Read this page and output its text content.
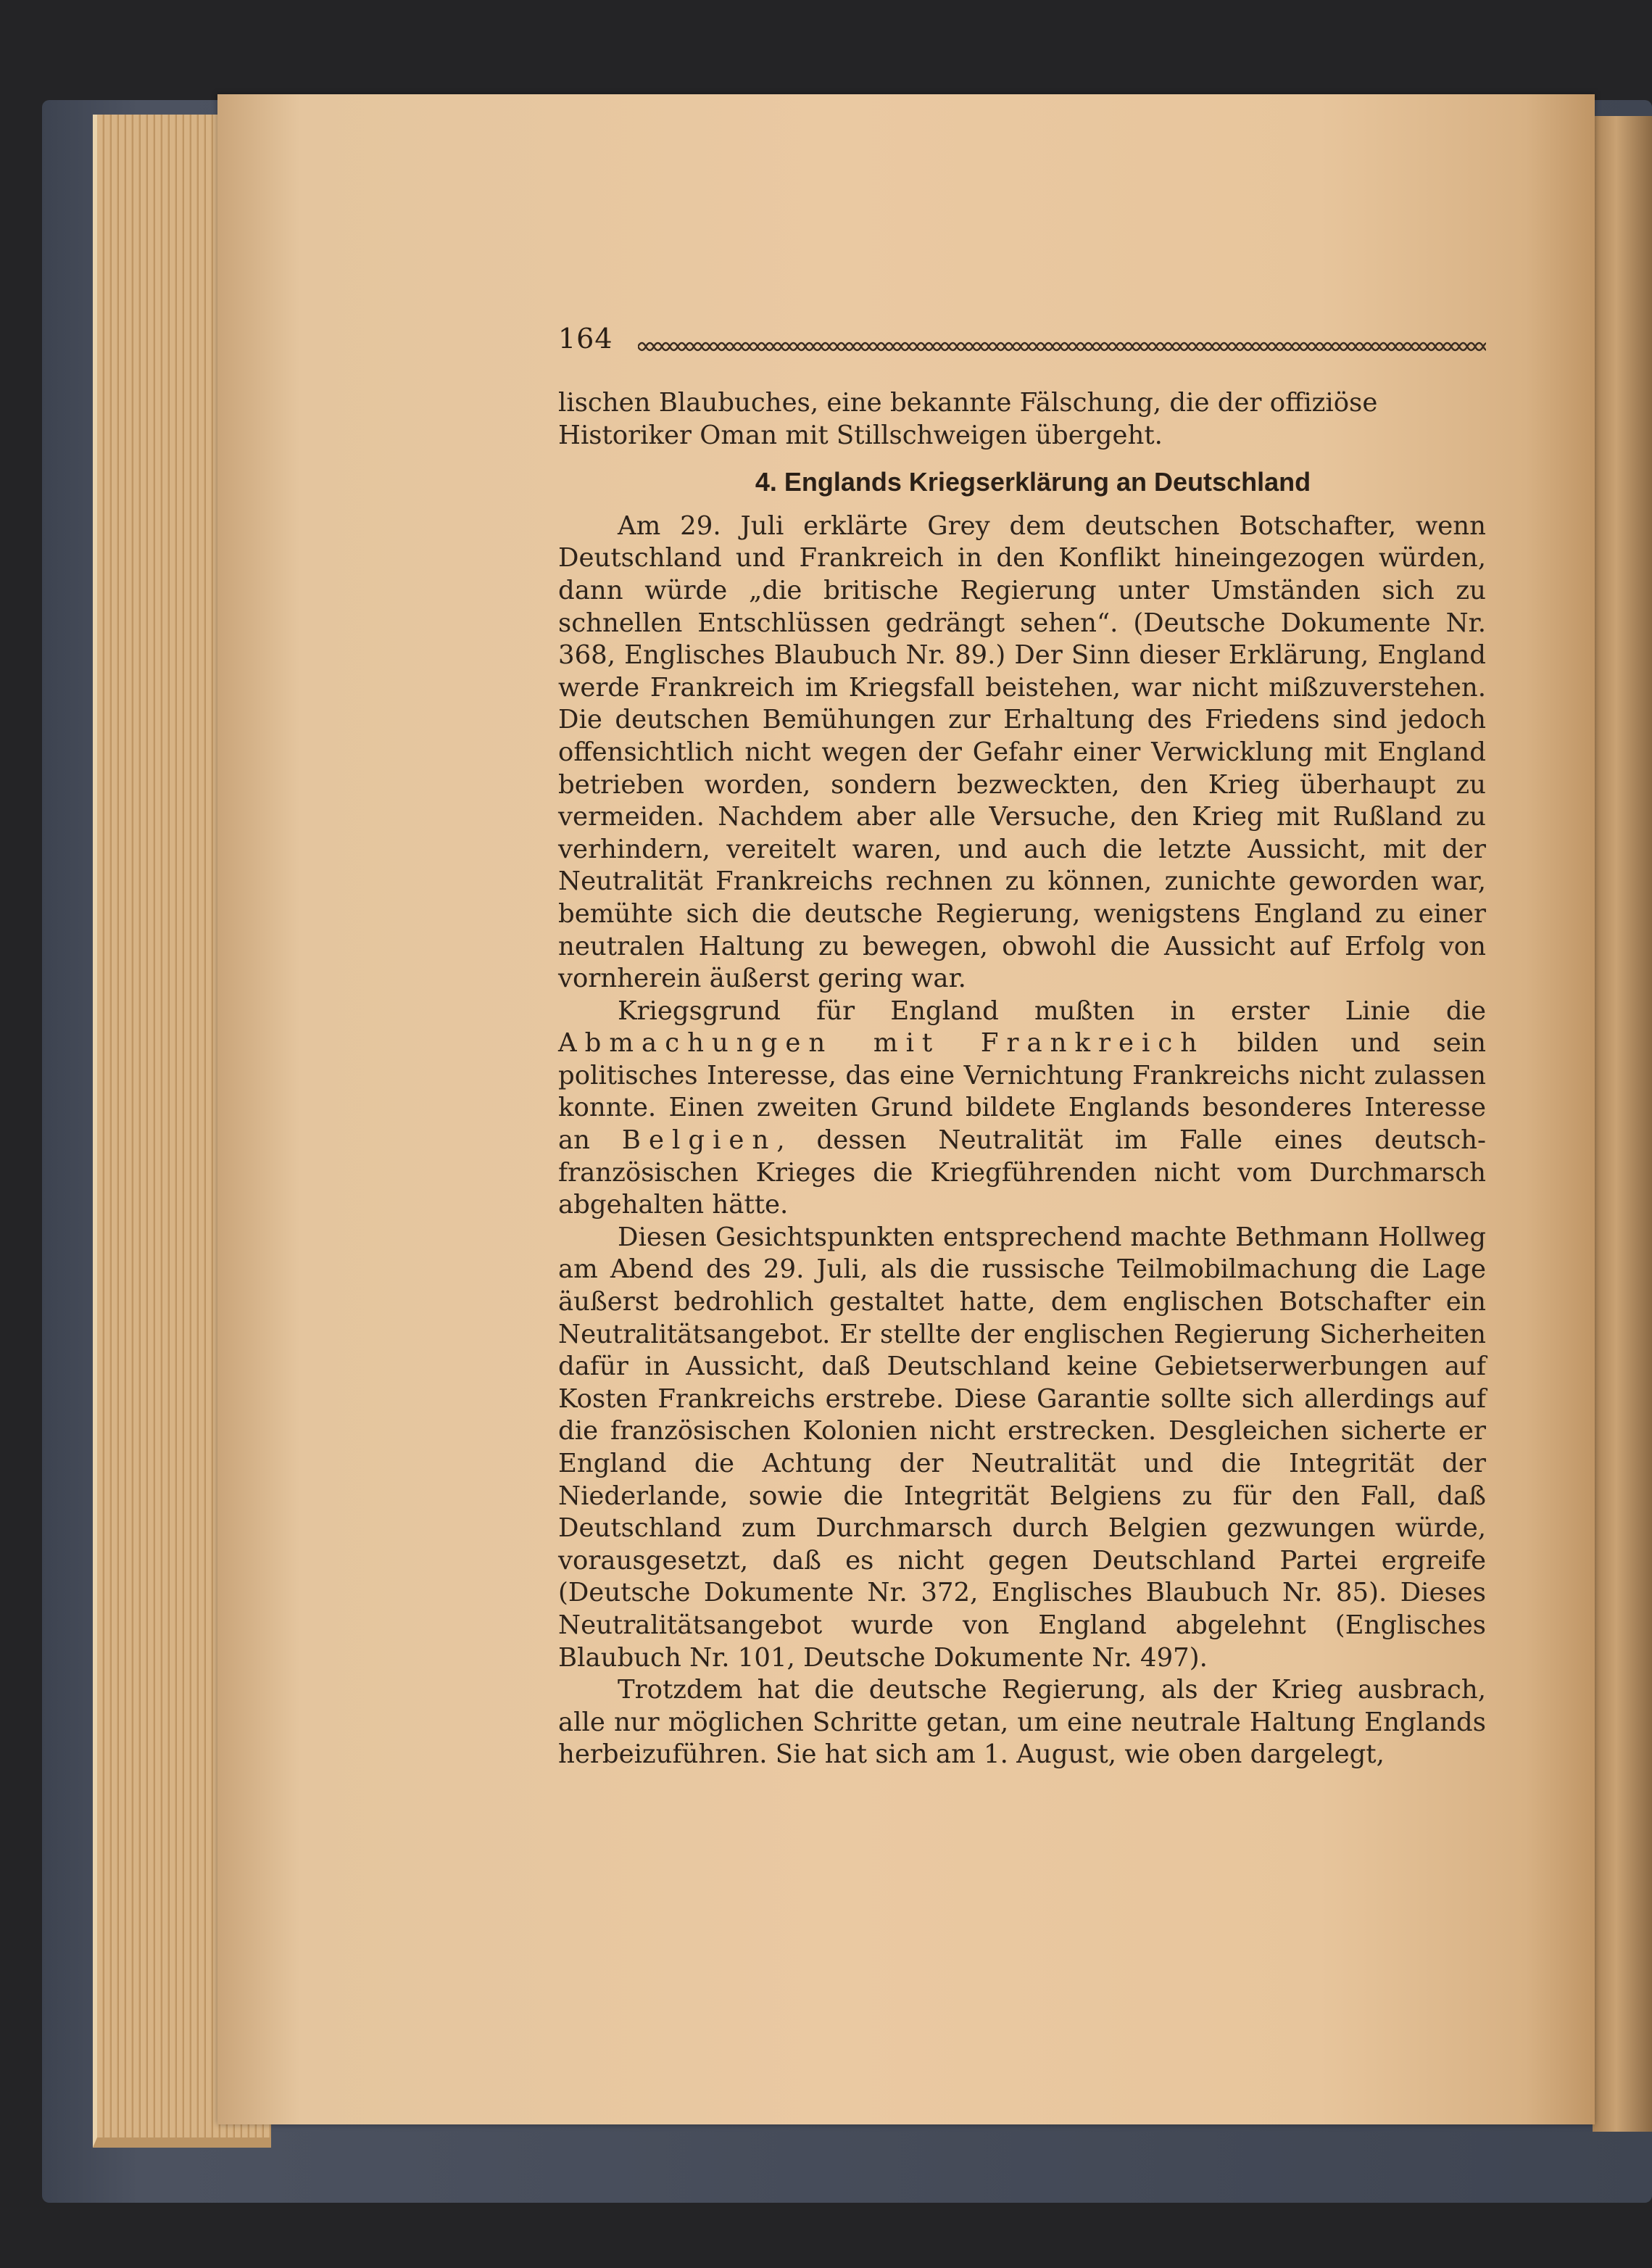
164

lischen Blaubuches, eine bekannte Fälschung, die der offiziöse

Historiker Oman mit Stillschweigen übergeht.

4. Englands Kriegserklärung an Deutschland

Am 29. Juli erklärte Grey dem deutschen Botschafter, wenn Deutschland und Frankreich in den Konflikt hineingezogen würden, dann würde „die britische Regierung unter Umständen sich zu schnellen Entschlüssen gedrängt sehen“. (Deutsche Dokumente Nr. 368, Englisches Blaubuch Nr. 89.) Der Sinn dieser Erklärung, England werde Frankreich im Kriegsfall beistehen, war nicht mißzuverstehen. Die deutschen Bemühungen zur Erhaltung des Friedens sind jedoch offensichtlich nicht wegen der Gefahr einer Verwicklung mit England betrieben worden, sondern bezweckten, den Krieg überhaupt zu vermeiden. Nachdem aber alle Versuche, den Krieg mit Rußland zu verhindern, vereitelt waren, und auch die letzte Aussicht, mit der Neutralität Frankreichs rechnen zu können, zunichte geworden war, bemühte sich die deutsche Regierung, wenigstens England zu einer neutralen Haltung zu bewegen, obwohl die Aussicht auf Erfolg von vornherein äußerst gering war.

Kriegsgrund für England mußten in erster Linie die Abmachungen mit Frankreich bilden und sein politisches Interesse, das eine Vernichtung Frankreichs nicht zulassen konnte. Einen zweiten Grund bildete Englands besonderes Interesse an Belgien, dessen Neutralität im Falle eines deutsch-französischen Krieges die Kriegführenden nicht vom Durchmarsch abgehalten hätte.

Diesen Gesichtspunkten entsprechend machte Bethmann Hollweg am Abend des 29. Juli, als die russische Teilmobilmachung die Lage äußerst bedrohlich gestaltet hatte, dem englischen Botschafter ein Neutralitätsangebot. Er stellte der englischen Regierung Sicherheiten dafür in Aussicht, daß Deutschland keine Gebietserwerbungen auf Kosten Frankreichs erstrebe. Diese Garantie sollte sich allerdings auf die französischen Kolonien nicht erstrecken. Desgleichen sicherte er England die Achtung der Neutralität und die Integrität der Niederlande, sowie die Integrität Belgiens zu für den Fall, daß Deutschland zum Durchmarsch durch Belgien gezwungen würde, vorausgesetzt, daß es nicht gegen Deutschland Partei ergreife (Deutsche Dokumente Nr. 372, Englisches Blaubuch Nr. 85). Dieses Neutralitätsangebot wurde von England abgelehnt (Englisches Blaubuch Nr. 101, Deutsche Dokumente Nr. 497).

Trotzdem hat die deutsche Regierung, als der Krieg ausbrach, alle nur möglichen Schritte getan, um eine neutrale Haltung Englands herbeizuführen. Sie hat sich am 1. August, wie oben dargelegt,
